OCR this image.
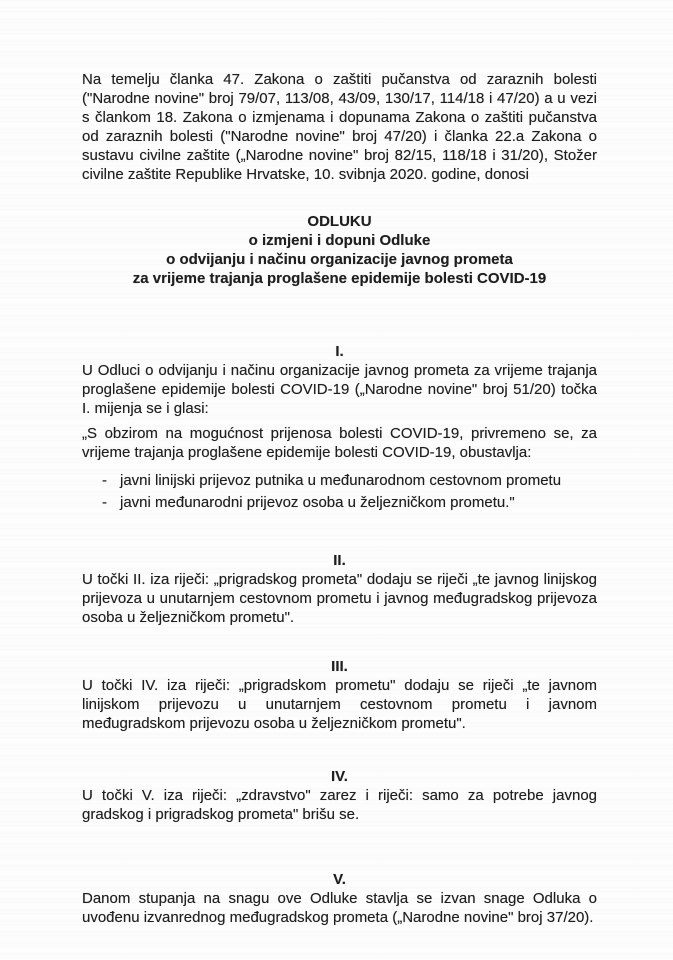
Na temelju članka 47. Zakona o zaštiti pučanstva od zaraznih bolesti ("Narodne novine" broj 79/07, 113/08, 43/09, 130/17, 114/18 i 47/20) a u vezi s člankom 18. Zakona o izmjenama i dopunama Zakona o zaštiti pučanstva od zaraznih bolesti ("Narodne novine" broj 47/20) i članka 22.a Zakona o sustavu civilne zaštite („Narodne novine" broj 82/15, 118/18 i 31/20), Stožer civilne zaštite Republike Hrvatske, 10. svibnja 2020. godine, donosi

ODLUKU
o izmjeni i dopuni Odluke
o odvijanju i načinu organizacije javnog prometa
za vrijeme trajanja proglašene epidemije bolesti COVID-19
I.

U Odluci o odvijanju i načinu organizacije javnog prometa za vrijeme trajanja proglašene epidemije bolesti COVID-19 („Narodne novine" broj 51/20) točka I. mijenja se i glasi:

„S obzirom na mogućnost prijenosa bolesti COVID-19, privremeno se, za vrijeme trajanja proglašene epidemije bolesti COVID-19, obustavlja:

- javni linijski prijevoz putnika u međunarodnom cestovnom prometu
- javni međunarodni prijevoz osoba u željezničkom prometu."
II.

U točki II. iza riječi: „prigradskog prometa" dodaju se riječi „te javnog linijskog prijevoza u unutarnjem cestovnom prometu i javnog međugradskog prijevoza osoba u željezničkom prometu".

III.

U točki IV. iza riječi: „prigradskom prometu" dodaju se riječi „te javnom linijskom prijevozu u unutarnjem cestovnom prometu i javnom međugradskom prijevozu osoba u željezničkom prometu".

IV.

U točki V. iza riječi: „zdravstvo" zarez i riječi: samo za potrebe javnog gradskog i prigradskog prometa" brišu se.

V.

Danom stupanja na snagu ove Odluke stavlja se izvan snage Odluka o uvođenu izvanrednog međugradskog prometa („Narodne novine" broj 37/20).
